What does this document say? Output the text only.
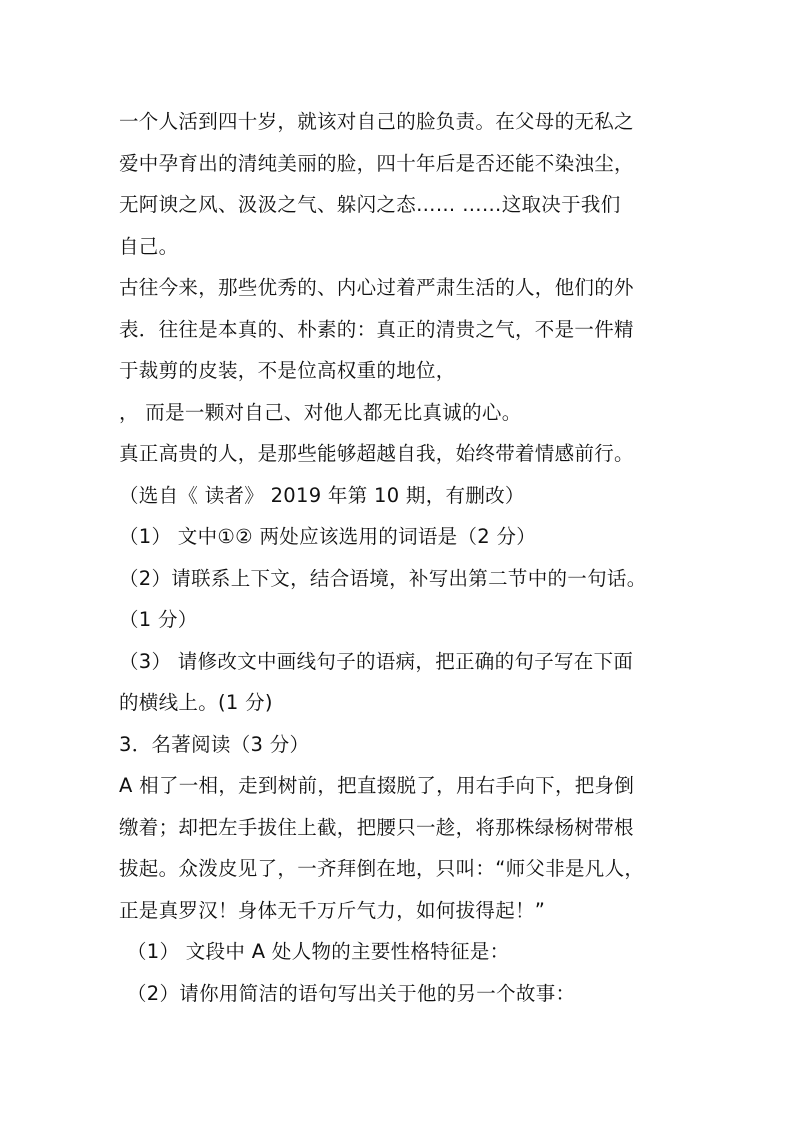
一个人活到四十岁，就该对自己的脸负责。在父母的无私之
爱中孕育出的清纯美丽的脸，四十年后是否还能不染浊尘，
无阿谀之风、汲汲之气、躲闪之态…… ……这取决于我们
自己。
古往今来，那些优秀的、内心过着严肃生活的人，他们的外
表．往往是本真的、朴素的：真正的清贵之气，不是一件精
于裁剪的皮装，不是位高权重的地位，
， 而是一颗对自己、对他人都无比真诚的心。
真正高贵的人，是那些能够超越自我，始终带着情感前行。
（选自《 读者》 2019 年第 10 期，有删改）
（1） 文中①② 两处应该选用的词语是（2 分）
（2）请联系上下文，结合语境，补写出第二节中的一句话。
（1 分）
（3） 请修改文中画线句子的语病，把正确的句子写在下面
的横线上。(1 分)
3．名著阅读（3 分）
A 相了一相，走到树前，把直掇脱了，用右手向下，把身倒
缴着；却把左手拔住上截，把腰只一趁，将那株绿杨树带根
拔起。众泼皮见了，一齐拜倒在地，只叫：“师父非是凡人，
正是真罗汉！身体无千万斤气力，如何拔得起！”
（1） 文段中 A 处人物的主要性格特征是：
（2）请你用简洁的语句写出关于他的另一个故事：
